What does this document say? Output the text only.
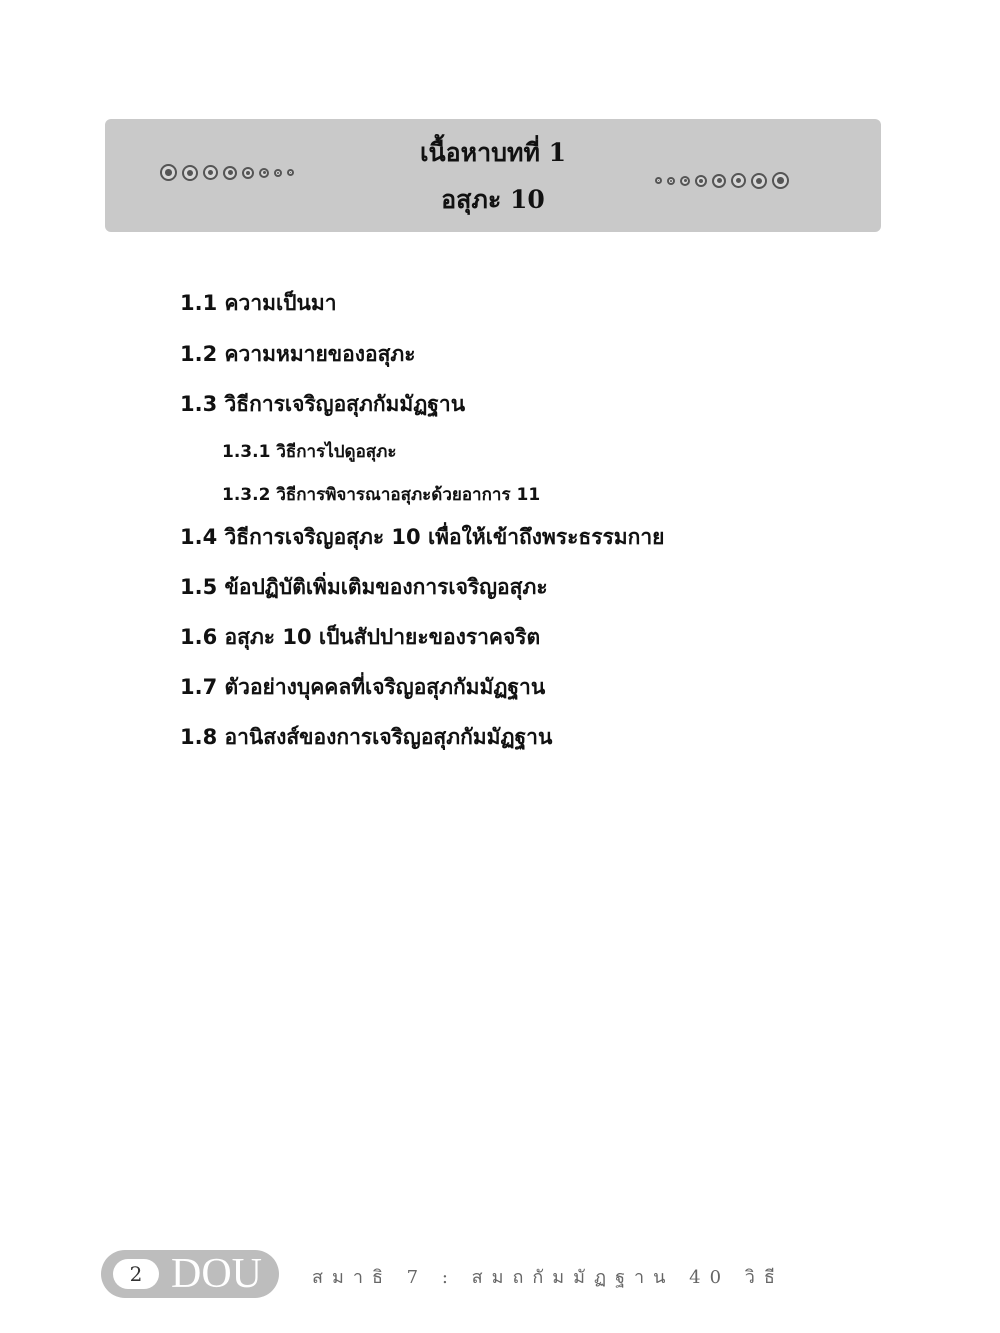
เนื้อหาบทที่ 1
อสุภะ 10
1.1 ความเป็นมา
1.2 ความหมายของอสุภะ
1.3 วิธีการเจริญอสุภกัมมัฏฐาน
1.3.1 วิธีการไปดูอสุภะ
1.3.2 วิธีการพิจารณาอสุภะด้วยอาการ 11
1.4 วิธีการเจริญอสุภะ 10 เพื่อให้เข้าถึงพระธรรมกาย
1.5 ข้อปฏิบัติเพิ่มเติมของการเจริญอสุภะ
1.6 อสุภะ 10 เป็นสัปปายะของราคจริต
1.7 ตัวอย่างบุคคลที่เจริญอสุภกัมมัฏฐาน
1.8 อานิสงส์ของการเจริญอสุภกัมมัฏฐาน
2 DOU	สมาธิ 7 : สมถกัมมัฏฐาน 40 วิธี
